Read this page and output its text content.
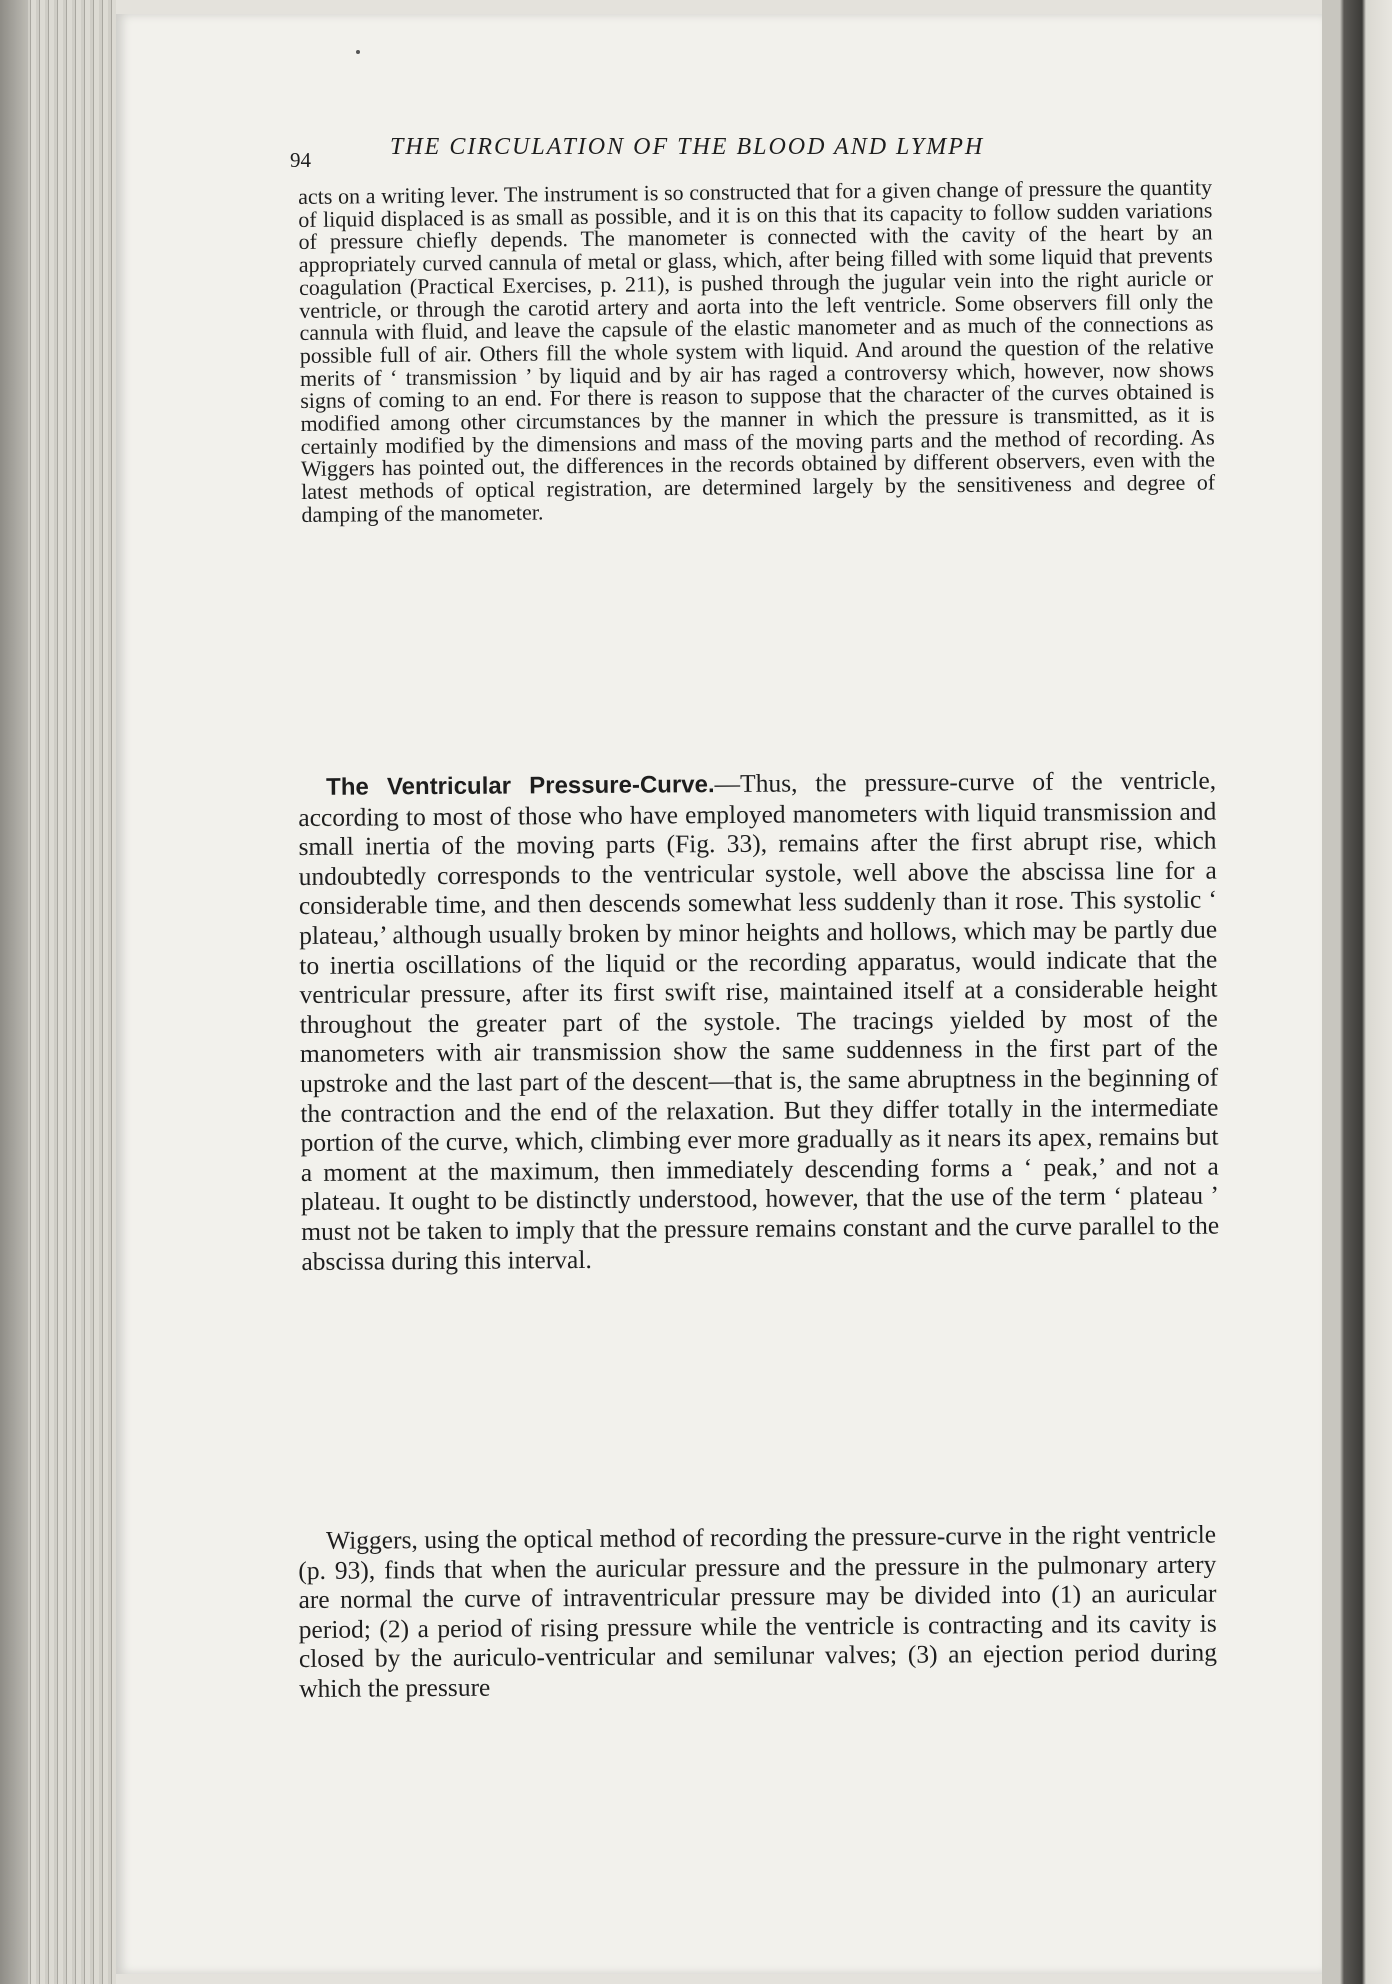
94	THE CIRCULATION OF THE BLOOD AND LYMPH

acts on a writing lever. The instrument is so constructed that for a given change of pressure the quantity of liquid displaced is as small as possible, and it is on this that its capacity to follow sudden variations of pressure chiefly depends. The manometer is connected with the cavity of the heart by an appropriately curved cannula of metal or glass, which, after being filled with some liquid that prevents coagulation (Practical Exercises, p. 211), is pushed through the jugular vein into the right auricle or ventricle, or through the carotid artery and aorta into the left ventricle. Some observers fill only the cannula with fluid, and leave the capsule of the elastic manometer and as much of the connections as possible full of air. Others fill the whole system with liquid. And around the question of the relative merits of ‘ transmission ’ by liquid and by air has raged a controversy which, however, now shows signs of coming to an end. For there is reason to suppose that the character of the curves obtained is modified among other circumstances by the manner in which the pressure is transmitted, as it is certainly modified by the dimensions and mass of the moving parts and the method of recording. As Wiggers has pointed out, the differences in the records obtained by different observers, even with the latest methods of optical registration, are determined largely by the sensitiveness and degree of damping of the manometer.

The Ventricular Pressure-Curve.—Thus, the pressure-curve of the ventricle, according to most of those who have employed manometers with liquid transmission and small inertia of the moving parts (Fig. 33), remains after the first abrupt rise, which undoubtedly corresponds to the ventricular systole, well above the abscissa line for a considerable time, and then descends somewhat less suddenly than it rose. This systolic ‘ plateau,’ although usually broken by minor heights and hollows, which may be partly due to inertia oscillations of the liquid or the recording apparatus, would indicate that the ventricular pressure, after its first swift rise, maintained itself at a considerable height throughout the greater part of the systole. The tracings yielded by most of the manometers with air transmission show the same suddenness in the first part of the upstroke and the last part of the descent—that is, the same abruptness in the beginning of the contraction and the end of the relaxation. But they differ totally in the intermediate portion of the curve, which, climbing ever more gradually as it nears its apex, remains but a moment at the maximum, then immediately descending forms a ‘ peak,’ and not a plateau. It ought to be distinctly understood, however, that the use of the term ‘ plateau ’ must not be taken to imply that the pressure remains constant and the curve parallel to the abscissa during this interval.

Wiggers, using the optical method of recording the pressure-curve in the right ventricle (p. 93), finds that when the auricular pressure and the pressure in the pulmonary artery are normal the curve of intraventricular pressure may be divided into (1) an auricular period; (2) a period of rising pressure while the ventricle is contracting and its cavity is closed by the auriculo-ventricular and semilunar valves; (3) an ejection period during which the pressure
